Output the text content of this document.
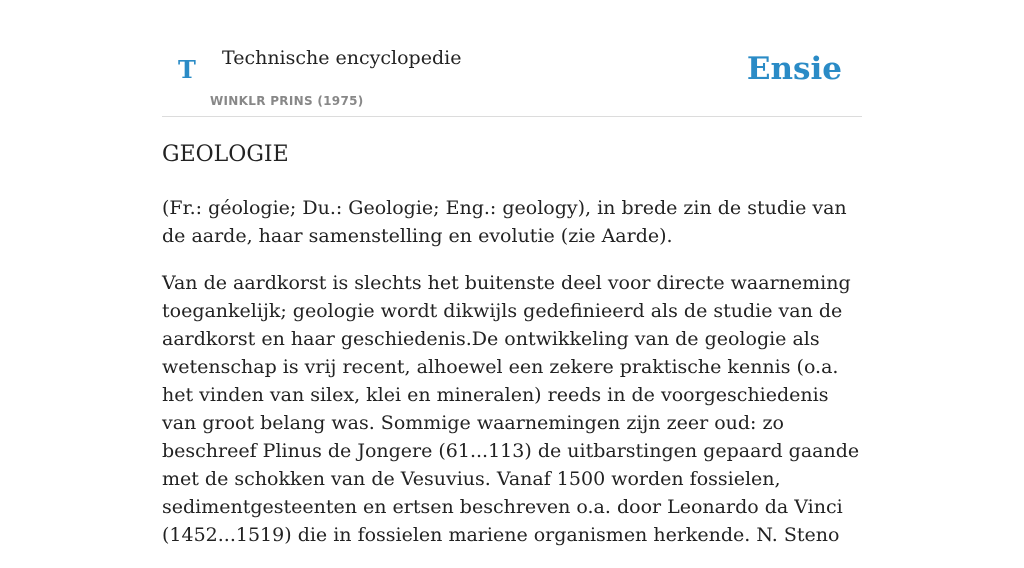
T Technische encyclopedie
WINKLR PRINS (1975)
Ensie
GEOLOGIE

(Fr.: géologie; Du.: Geologie; Eng.: geology), in brede zin de studie van de aarde, haar samenstelling en evolutie (zie Aarde).

Van de aardkorst is slechts het buitenste deel voor directe waarneming toegankelijk; geologie wordt dikwijls gedefinieerd als de studie van de aardkorst en haar geschiedenis.De ontwikkeling van de geologie als wetenschap is vrij recent, alhoewel een zekere praktische kennis (o.a. het vinden van silex, klei en mineralen) reeds in de voorgeschiedenis van groot belang was. Sommige waarnemingen zijn zeer oud: zo beschreef Plinus de Jongere (61...113) de uitbarstingen gepaard gaande met de schokken van de Vesuvius. Vanaf 1500 worden fossielen, sedimentgesteenten en ertsen beschreven o.a. door Leonardo da Vinci (1452...1519) die in fossielen mariene organismen herkende. N. Steno
